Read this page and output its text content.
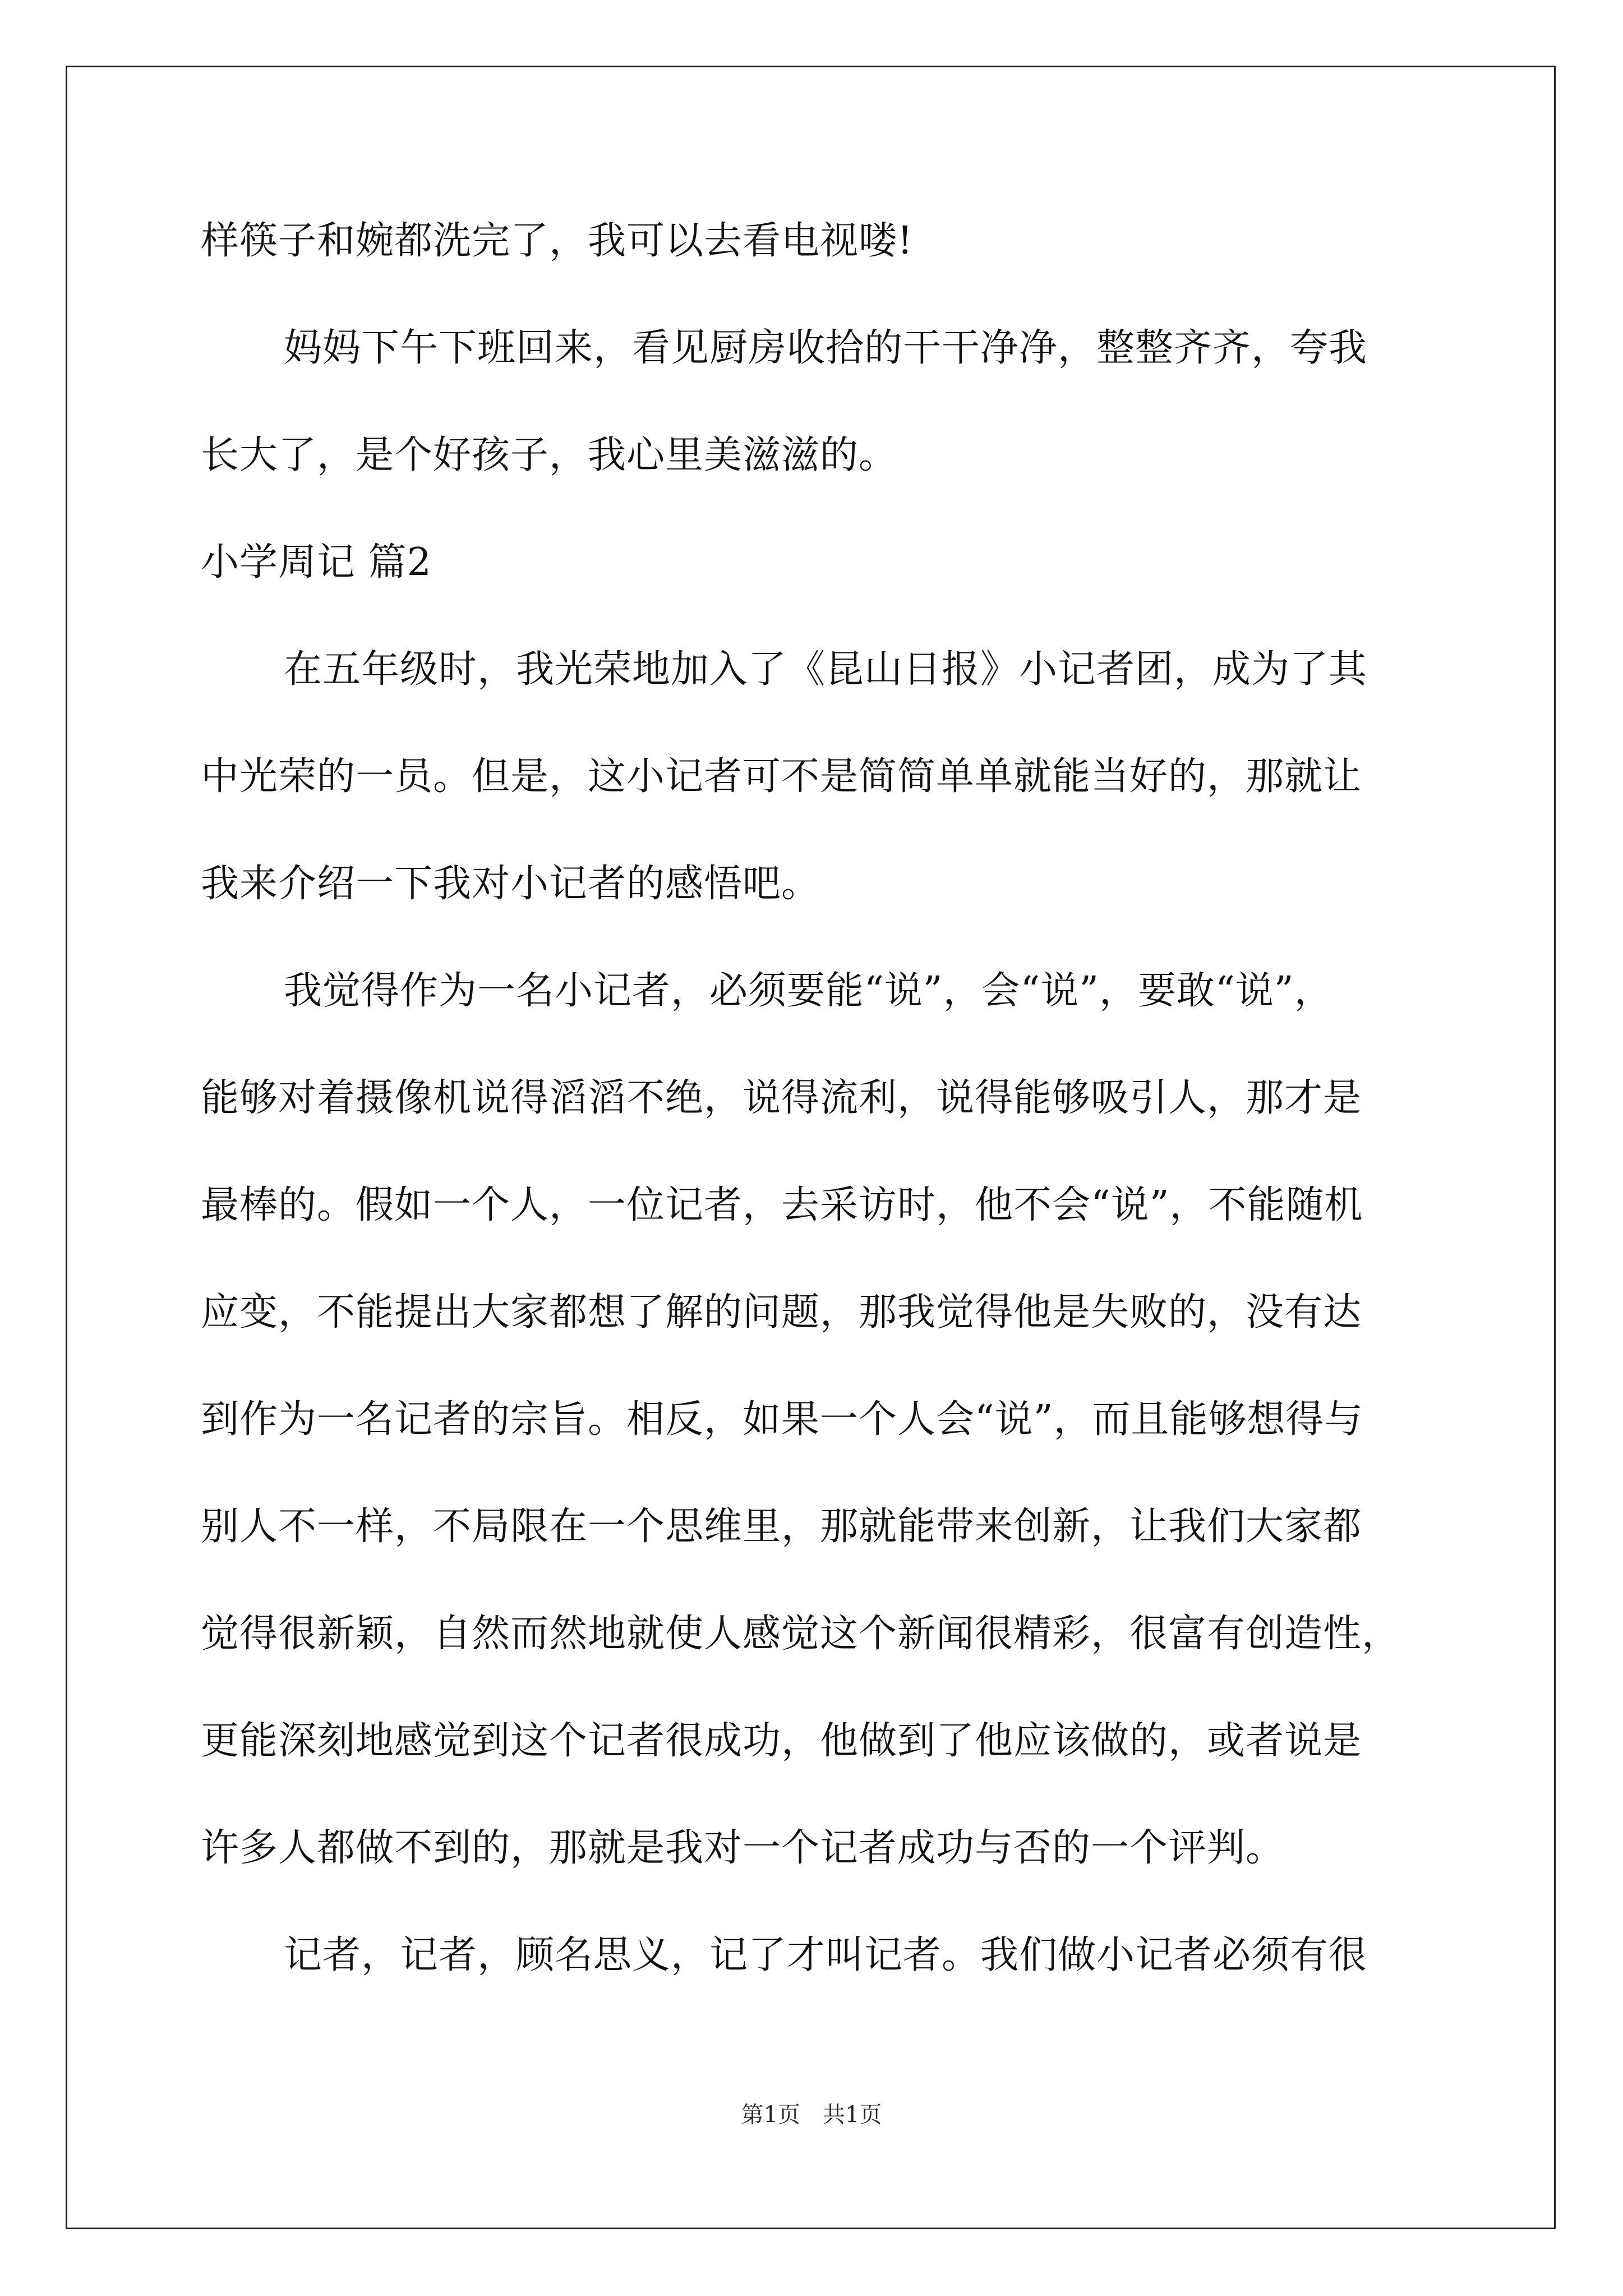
样筷子和婉都洗完了，我可以去看电视喽!
妈妈下午下班回来，看见厨房收拾的干干净净，整整齐齐，夸我
长大了，是个好孩子，我心里美滋滋的。
小学周记 篇2
在五年级时，我光荣地加入了《昆山日报》小记者团，成为了其
中光荣的一员。但是，这小记者可不是简简单单就能当好的，那就让
我来介绍一下我对小记者的感悟吧。
我觉得作为一名小记者，必须要能“说”，会“说”，要敢“说”，
能够对着摄像机说得滔滔不绝，说得流利，说得能够吸引人，那才是
最棒的。假如一个人，一位记者，去采访时，他不会“说”，不能随机
应变，不能提出大家都想了解的问题，那我觉得他是失败的，没有达
到作为一名记者的宗旨。相反，如果一个人会“说”，而且能够想得与
别人不一样，不局限在一个思维里，那就能带来创新，让我们大家都
觉得很新颖，自然而然地就使人感觉这个新闻很精彩，很富有创造性，
更能深刻地感觉到这个记者很成功，他做到了他应该做的，或者说是
许多人都做不到的，那就是我对一个记者成功与否的一个评判。
记者，记者，顾名思义，记了才叫记者。我们做小记者必须有很
第1页　共1页
